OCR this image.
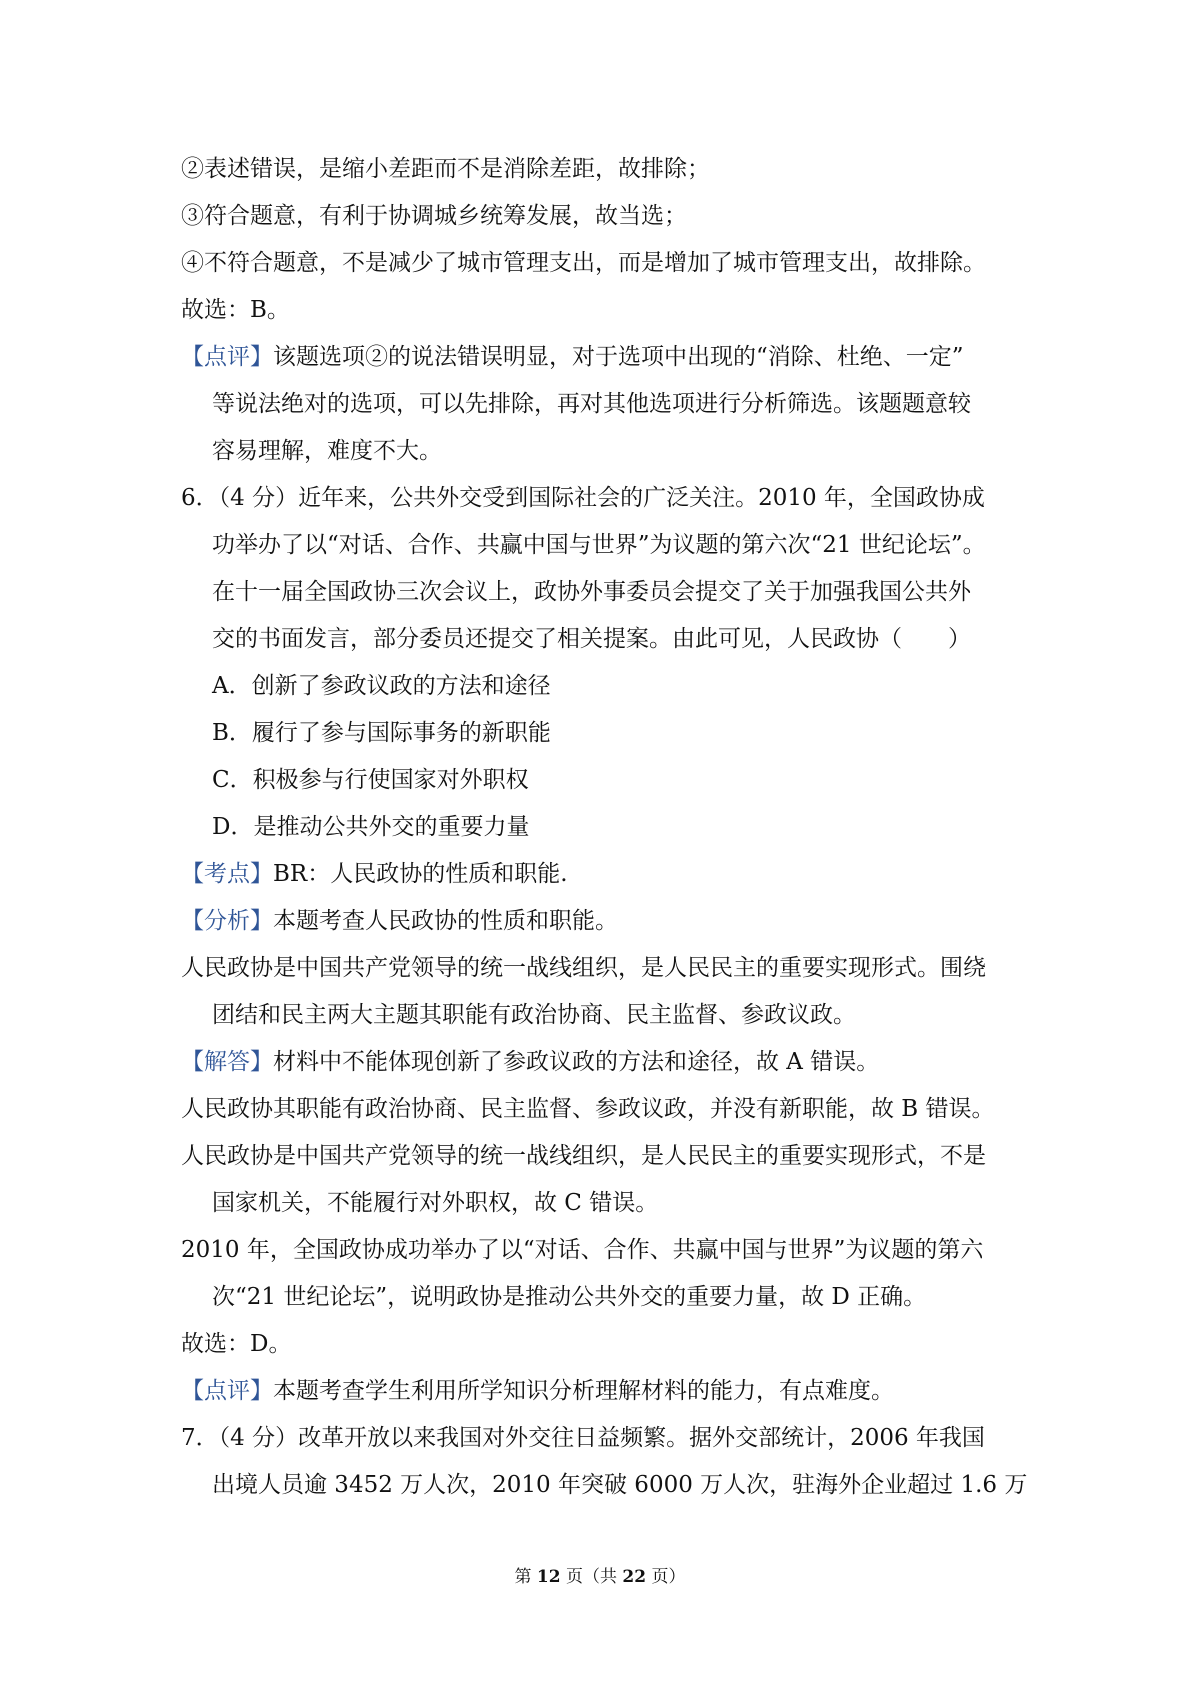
②表述错误，是缩小差距而不是消除差距，故排除；

③符合题意，有利于协调城乡统筹发展，故当选；

④不符合题意，不是减少了城市管理支出，而是增加了城市管理支出，故排除。

故选：B。

【点评】该题选项②的说法错误明显，对于选项中出现的“消除、杜绝、一定”

等说法绝对的选项，可以先排除，再对其他选项进行分析筛选。该题题意较

容易理解，难度不大。

6．（4 分）近年来，公共外交受到国际社会的广泛关注。2010 年，全国政协成

功举办了以“对话、合作、共赢中国与世界”为议题的第六次“21 世纪论坛”。

在十一届全国政协三次会议上，政协外事委员会提交了关于加强我国公共外

交的书面发言，部分委员还提交了相关提案。由此可见，人民政协（　　）

A．创新了参政议政的方法和途径

B．履行了参与国际事务的新职能

C．积极参与行使国家对外职权

D．是推动公共外交的重要力量

【考点】BR：人民政协的性质和职能.

【分析】本题考查人民政协的性质和职能。

人民政协是中国共产党领导的统一战线组织，是人民民主的重要实现形式。围绕

团结和民主两大主题其职能有政治协商、民主监督、参政议政。

【解答】材料中不能体现创新了参政议政的方法和途径，故 A 错误。

人民政协其职能有政治协商、民主监督、参政议政，并没有新职能，故 B 错误。

人民政协是中国共产党领导的统一战线组织，是人民民主的重要实现形式，不是

国家机关，不能履行对外职权，故 C 错误。

2010 年，全国政协成功举办了以“对话、合作、共赢中国与世界”为议题的第六

次“21 世纪论坛”，说明政协是推动公共外交的重要力量，故 D 正确。

故选：D。

【点评】本题考查学生利用所学知识分析理解材料的能力，有点难度。

7．（4 分）改革开放以来我国对外交往日益频繁。据外交部统计，2006 年我国

出境人员逾 3452 万人次，2010 年突破 6000 万人次，驻海外企业超过 1.6 万

第 12 页（共 22 页）
